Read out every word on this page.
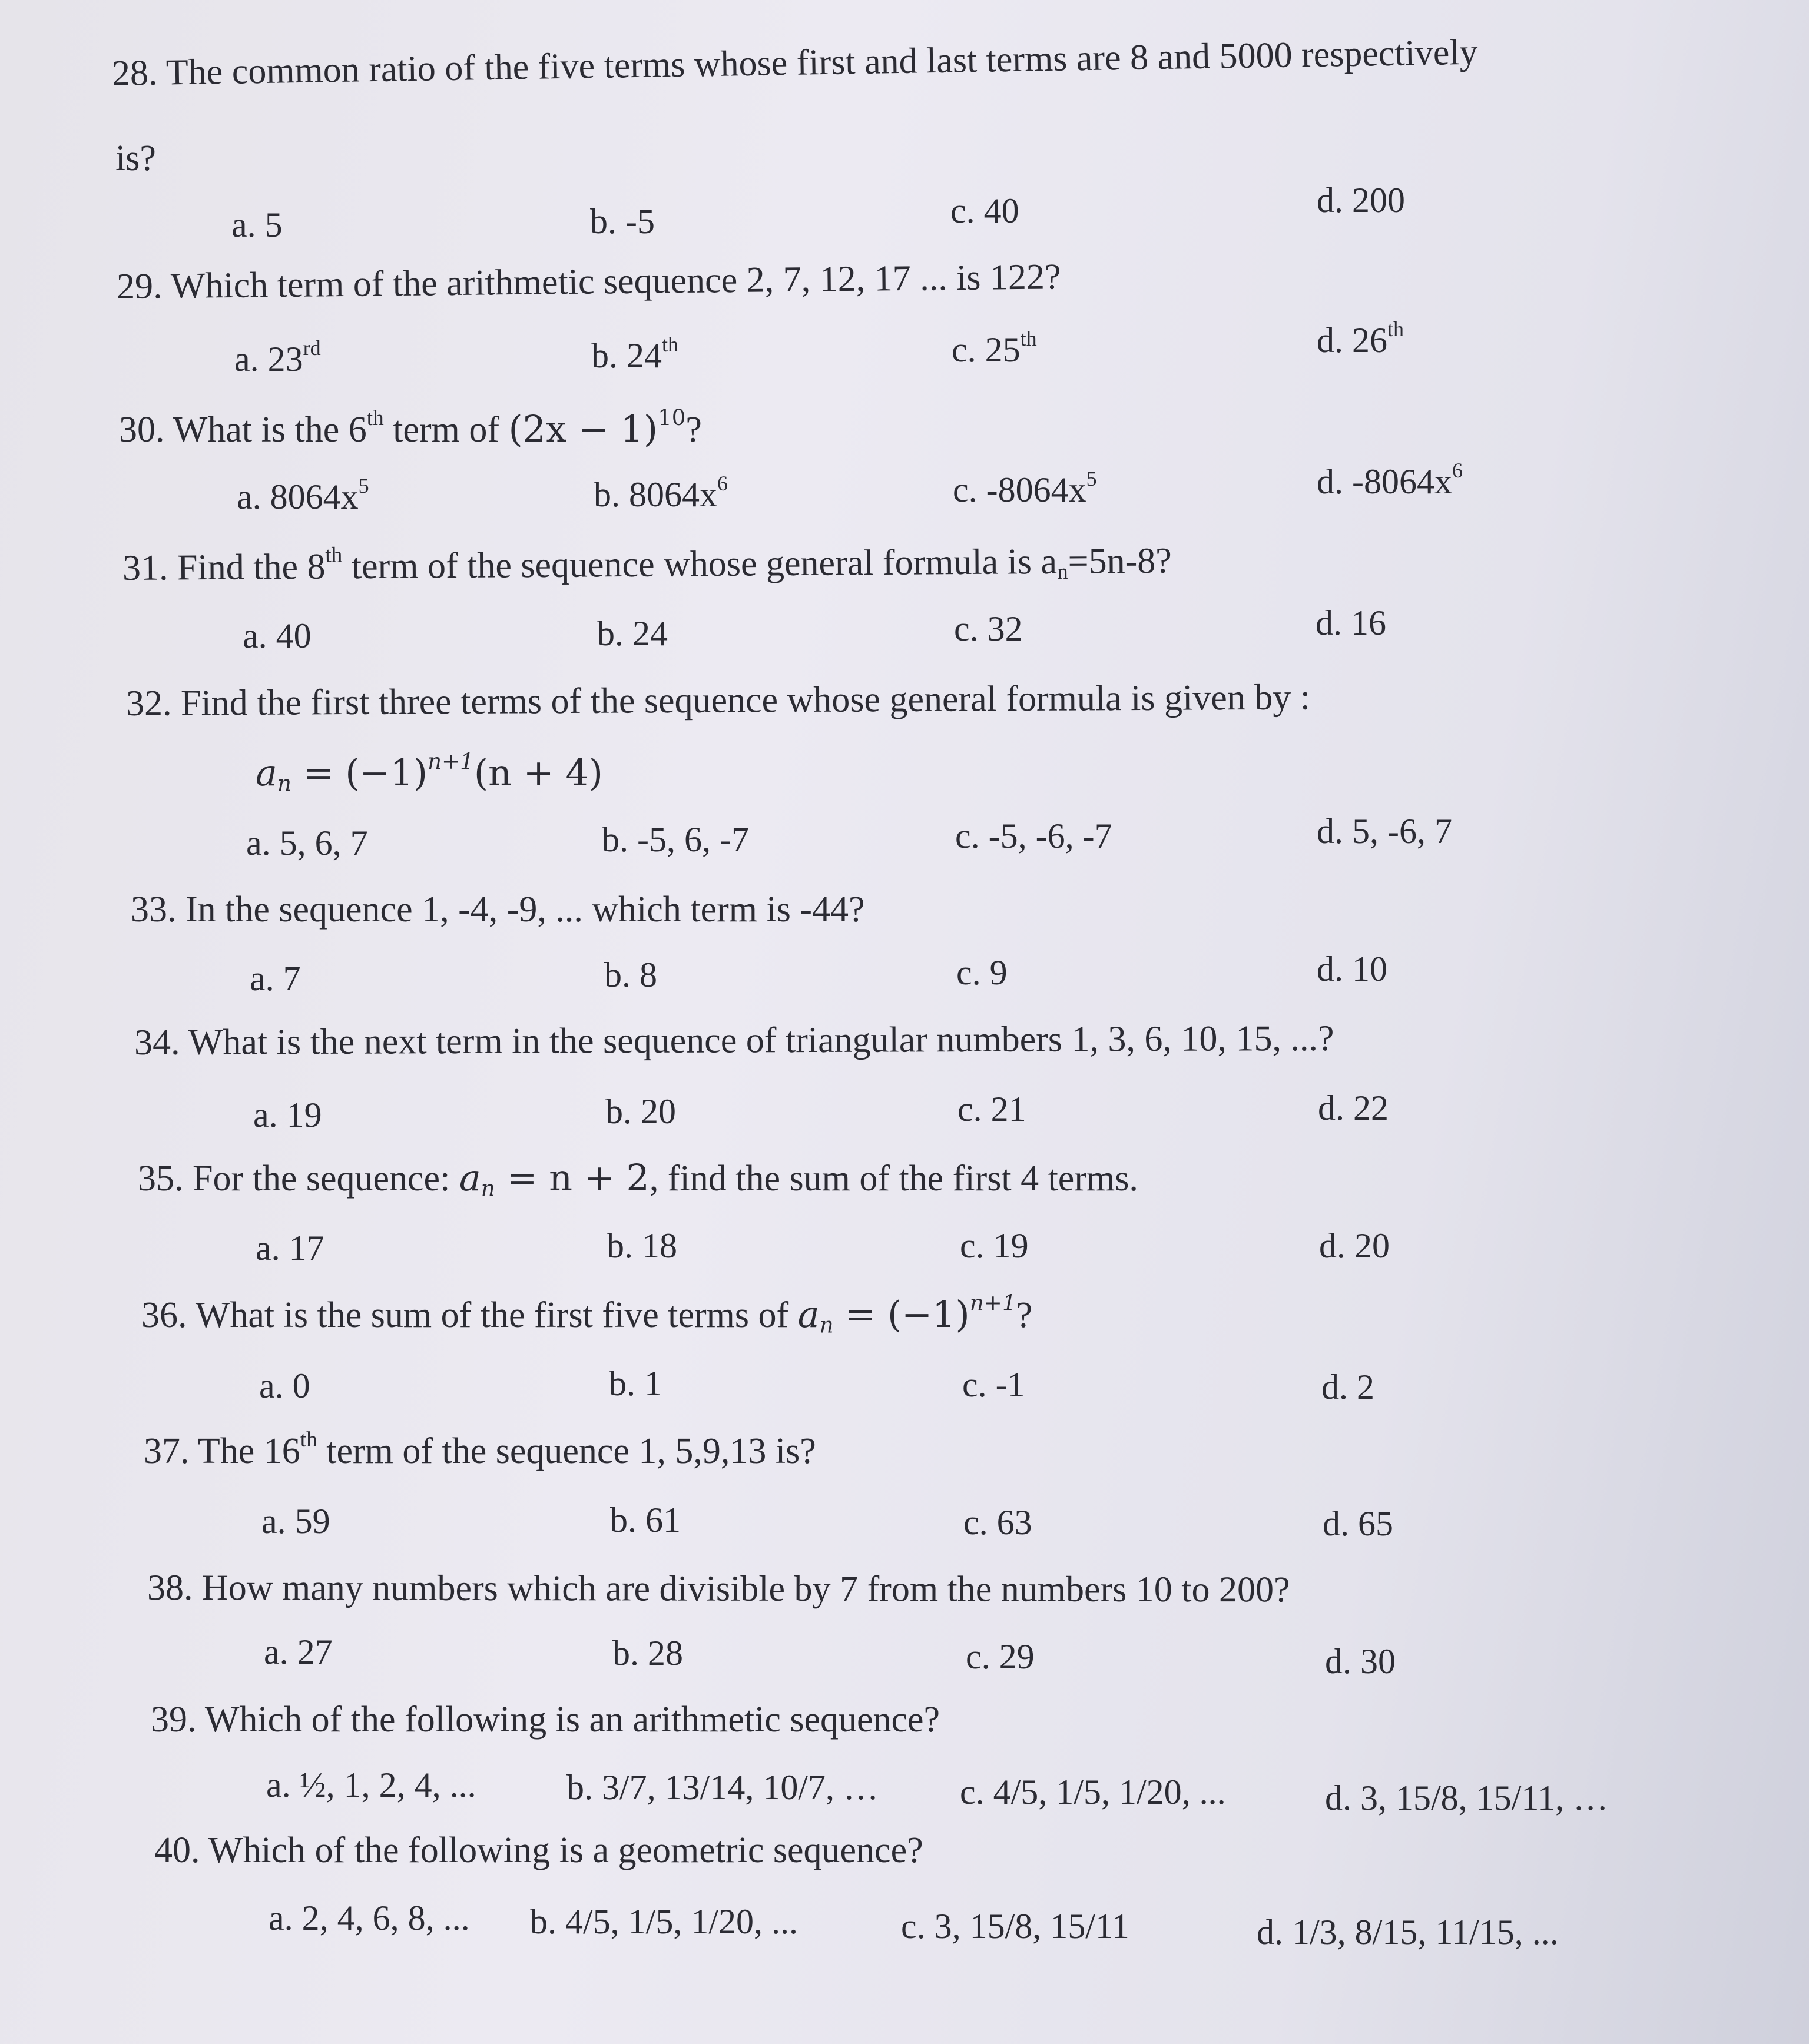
28. The common ratio of the five terms whose first and last terms are 8 and 5000 respectively
is?
a. 5	b. -5	c. 40	d. 200
29. Which term of the arithmetic sequence 2, 7, 12, 17 ... is 122?
a. 23rd	b. 24th	c. 25th	d. 26th
30. What is the 6th term of $(2x - 1)^{10}$?
a. $8064x^5$	b. $8064x^6$	c. $-8064x^5$	d. $-8064x^6$
31. Find the 8th term of the sequence whose general formula is $a_n=5n-8$?
a. 40	b. 24	c. 32	d. 16
32. Find the first three terms of the sequence whose general formula is given by :
$a_n = (-1)^{n+1}(n + 4)$
a. 5, 6, 7	b. -5, 6, -7	c. -5, -6, -7	d. 5, -6, 7
33. In the sequence 1, -4, -9, ... which term is -44?
a. 7	b. 8	c. 9	d. 10
34. What is the next term in the sequence of triangular numbers 1, 3, 6, 10, 15, ...?
a. 19	b. 20	c. 21	d. 22
35. For the sequence: $a_n = n + 2$, find the sum of the first 4 terms.
a. 17	b. 18	c. 19	d. 20
36. What is the sum of the first five terms of $a_n = (-1)^{n+1}$?
a. 0	b. 1	c. -1	d. 2
37. The 16th term of the sequence 1, 5,9,13 is?
a. 59	b. 61	c. 63	d. 65
38. How many numbers which are divisible by 7 from the numbers 10 to 200?
a. 27	b. 28	c. 29	d. 30
39. Which of the following is an arithmetic sequence?
a. ½, 1, 2, 4, ...	b. 3/7, 13/14, 10/7, … c. 4/5, 1/5, 1/20, ...	d. 3, 15/8, 15/11, …
40. Which of the following is a geometric sequence?
a. 2, 4, 6, 8, ... b. 4/5, 1/5, 1/20, ...	c. 3, 15/8, 15/11	d. 1/3, 8/15, 11/15, ...
